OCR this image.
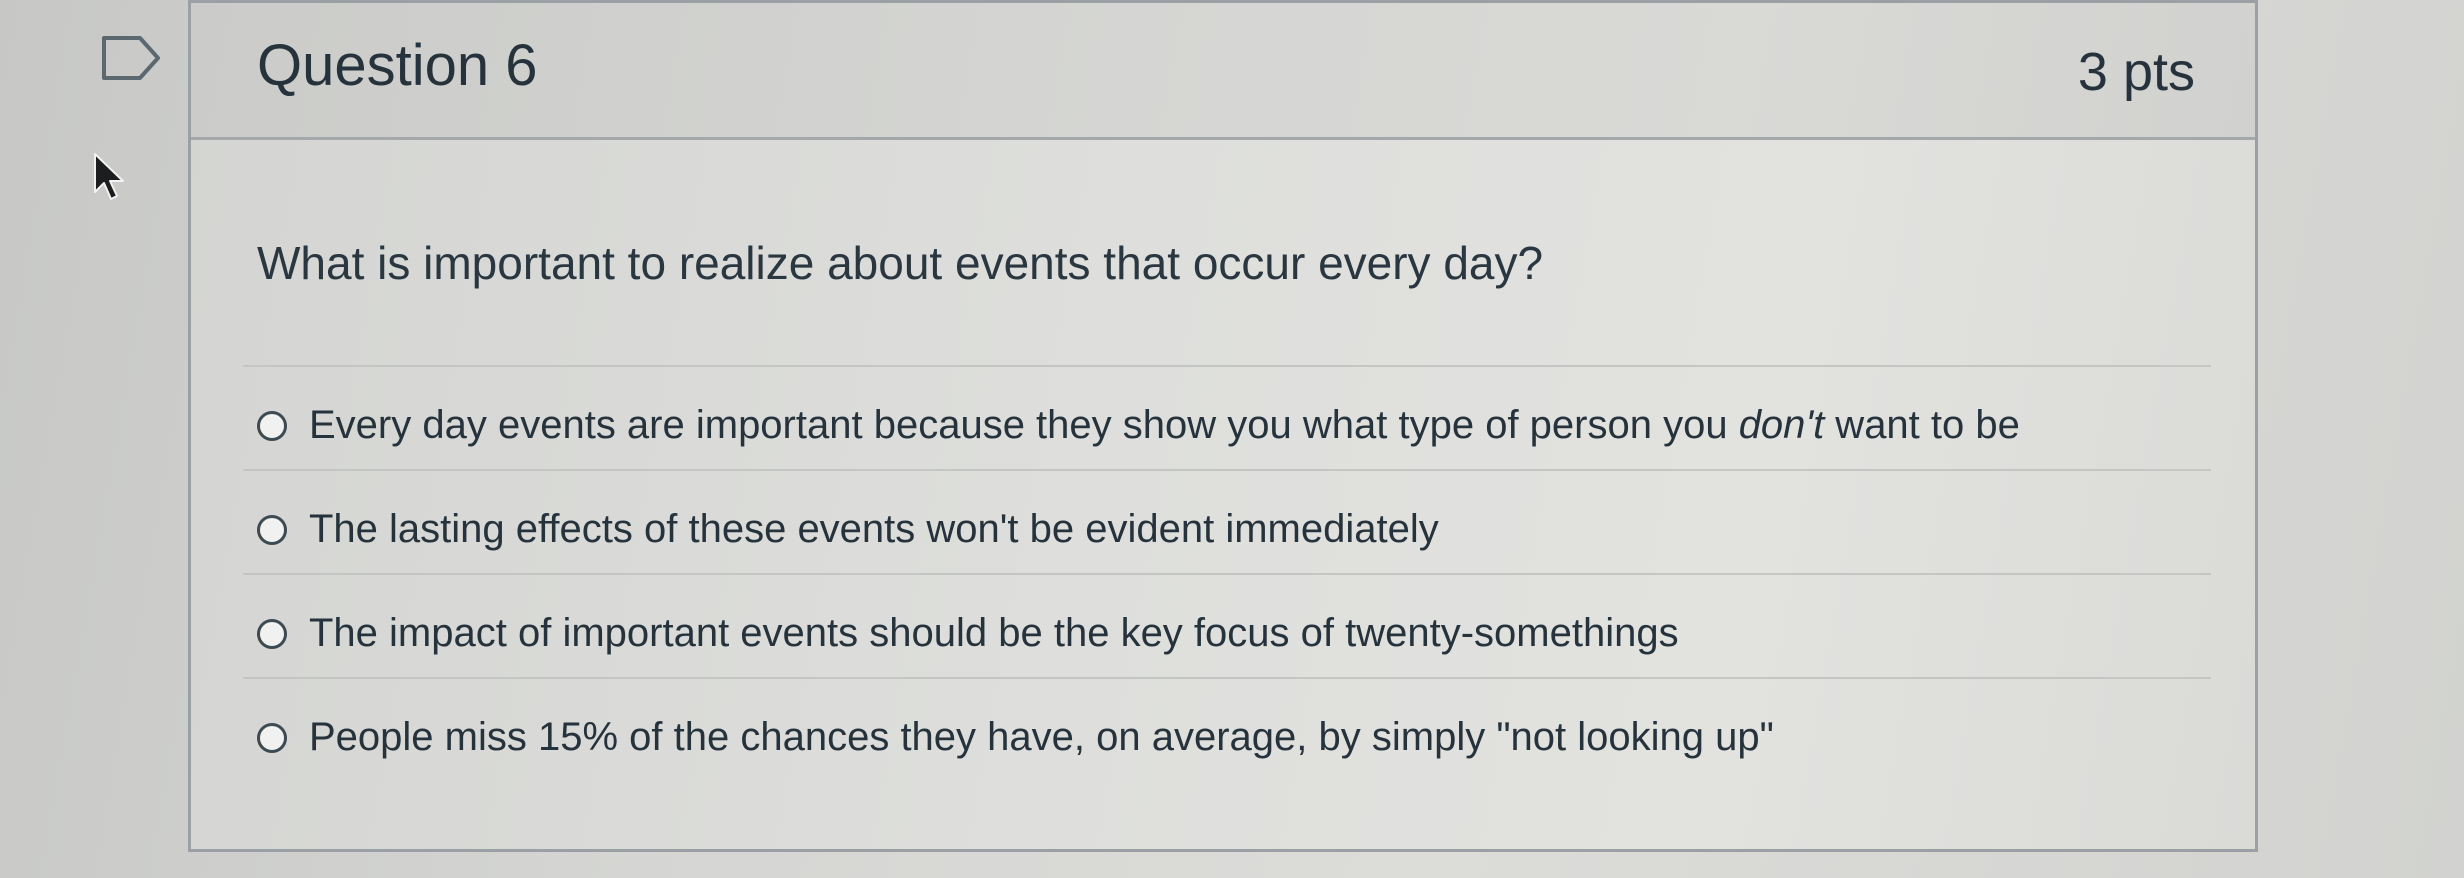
Question 6	3 pts

What is important to realize about events that occur every day?

Every day events are important because they show you what type of person you don't want to be
The lasting effects of these events won't be evident immediately
The impact of important events should be the key focus of twenty-somethings
People miss 15% of the chances they have, on average, by simply "not looking up"
